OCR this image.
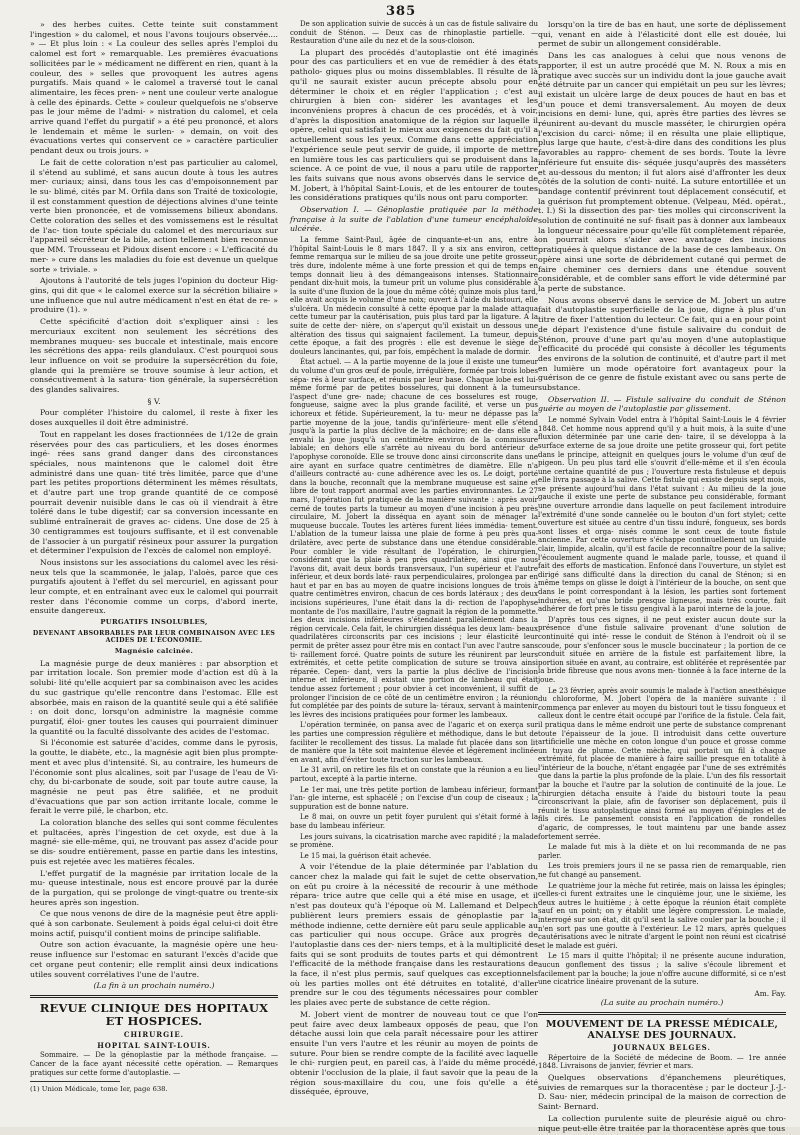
385

» des herbes cuites. Cette teinte suit constamment l'ingestion » du calomel, et nous l'avons toujours observée.... » — Et plus loin : « La couleur des selles après l'emploi du calomel est fort » remarquable. Les premières évacuations sollicitées par le » médicament ne diffèrent en rien, quant à la couleur, des » selles que provoquent les autres agens purgatifs. Mais quand » le calomel a traversé tout le canal alimentaire, les fèces pren- » nent une couleur verte analogue à celle des épinards. Cette » couleur quelquefois ne s'observe pas le jour même de l'admi- » nistration du calomel, et cela arrive quand l'effet du purgatif » a été peu prononcé, et alors le lendemain et même le surlen- » demain, on voit des évacuations vertes qui conservent ce » caractère particulier pendant deux ou trois jours. »

Le fait de cette coloration n'est pas particulier au calomel, il s'étend au sublimé, et sans aucun doute à tous les autres mer- curiaux; ainsi, dans tous les cas d'empoisonnement par le su- blimé, cités par M. Orfila dans son Traité de toxicologie, il est constamment question de déjections alvines d'une teinte verte bien prononcée, et de vomissemens bilieux abondans. Cette coloration des selles et des vomissemens est le résultat de l'ac- tion toute spéciale du calomel et des mercuriaux sur l'appareil sécréteur de la bile, action tellement bien reconnue que MM. Trousseau et Pidoux disent encore : « L'efficacité du mer- » cure dans les maladies du foie est devenue un quelque sorte » triviale. »

Ajoutons à l'autorité de tels juges l'opinion du docteur Hig- gins, qui dit que « le calomel exerce sur la sécrétion biliaire » une influence que nul autre médicament n'est en état de re- » produire (1). »

Cette spécificité d'action doit s'expliquer ainsi : les mercuriaux excitent non seulement les sécrétions des membranes muqueu- ses buccale et intestinale, mais encore les sécrétions des appa- reils glandulaux. C'est pourquoi sous leur influence on voit se produire la supersécrétion du foie, glande qui la première se trouve soumise à leur action, et consécutivement à la satura- tion générale, la supersécrétion des glandes salivaires.

§ V.

Pour compléter l'histoire du calomel, il reste à fixer les doses auxquelles il doit être administré.

Tout en rappelant les doses fractionnées de 1/12e de grain réservées pour des cas particuliers, et les doses énormes ingé- rées sans grand danger dans des circonstances spéciales, nous maintenons que le calomel doit être administré dans une quan- tité très limitée, parce que d'une part les petites proportions déterminent les mêmes résultats, et d'autre part une trop grande quantité de ce composé pourrait devenir nuisible dans le cas où il viendrait à être toléré dans le tube digestif; car sa conversion incessante en sublimé entraînerait de graves ac- cidens. Une dose de 25 à 30 centigrammes est toujours suffisante, et il est convenable de l'associer à un purgatif résineux pour assurer la purgation et déterminer l'expulsion de l'excès de calomel non employé.

Nous insistons sur les associations du calomel avec les rési- neux tels que la scammonée, le jalap, l'aloès, parce que ces purgatifs ajoutent à l'effet du sel mercuriel, en agissant pour leur compte, et en entraînant avec eux le calomel qui pourrait rester dans l'économie comme un corps, d'abord inerte, ensuite dangereux.

PURGATIFS INSOLUBLES,

DEVENANT ABSORBABLES PAR LEUR COMBINAISON AVEC LES ACIDES DE L'ÉCONOMIE.

Magnésie calcinée.

La magnésie purge de deux manières : par absorption et par irritation locale. Son premier mode d'action est dû à la solubi- lité qu'elle acquiert par sa combinaison avec les acides du suc gastrique qu'elle rencontre dans l'estomac. Elle est absorbée, mais en raison de la quantité seule qui a été salifiée : on doit donc, lorsqu'on administre la magnésie comme purgatif, éloi- gner toutes les causes qui pourraient diminuer la quantité ou la faculté dissolvante des acides de l'estomac.

Si l'économie est saturée d'acides, comme dans le pyrosis, la goutte, le diabète, etc., la magnésie agit bien plus prompte- ment et avec plus d'intensité. Si, au contraire, les humeurs de l'économie sont plus alcalines, soit par l'usage de l'eau de Vi- chy, du bi-carbonate de soude, soit par toute autre cause, la magnésie ne peut pas être salifiée, et ne produit d'évacuations que par son action irritante locale, comme le ferait le verre pilé, le charbon, etc.

La coloration blanche des selles qui sont comme féculentes et pultacées, après l'ingestion de cet oxyde, est due à la magné- sie elle-même, qui, ne trouvant pas assez d'acide pour se dis- soudre entièrement, passe en partie dans les intestins, puis est rejetée avec les matières fécales.

L'effet purgatif de la magnésie par irritation locale de la mu- queuse intestinale, nous est encore prouvé par la durée de la purgation, qui se prolonge de vingt-quatre ou trente-six heures après son ingestion.

Ce que nous venons de dire de la magnésie peut être appli- qué à son carbonate. Seulement à poids égal celui-ci doit être moins actif, puisqu'il contient moins de principe salifiable.

Outre son action évacuante, la magnésie opère une heu- reuse influence sur l'estomac en saturant l'excès d'acide que cet organe peut contenir; elle remplit ainsi deux indications utiles souvent corrélatives l'une de l'autre.

(La fin à un prochain numéro.)

REVUE CLINIQUE DES HOPITAUX ET HOSPICES.
CHIRURGIE.
HOPITAL SAINT-LOUIS.

Sommaire. — De la génoplastie par la méthode française. — Cancer de la face ayant nécessité cette opération. — Remarques pratiques sur cette forme d'autoplastie. —

(1) Union Médicale, tome Ier, page 638.

De son application suivie de succès à un cas de fistule salivaire du conduit de Sténon. — Deux cas de rhinoplastie partielle. — Restauration d'une aile du nez et de la sous-cloison.

La plupart des procédés d'autoplastie ont été imaginés pour des cas particuliers et en vue de remédier à des états patholo- giques plus ou moins dissemblables. Il résulte de là qu'il ne saurait exister aucun précepte absolu pour en déterminer le choix et en régler l'application ; c'est au chirurgien à bien con- sidérer les avantages et les inconvéniens propres à chacun de ces procédés, et à voir, d'après la disposition anatomique de la région sur laquelle il opère, celui qui satisfait le mieux aux exigences du fait qu'il a actuellement sous les yeux. Comme dans cette appréciation l'expérience seule peut servir de guide, il importe de mettre en lumière tous les cas particuliers qui se produisent dans la science. A ce point de vue, il nous a paru utile de rapporter les faits suivans que nous avons observés dans le service de M. Jobert, à l'hôpital Saint-Louis, et de les entourer de toutes les considérations pratiques qu'ils nous ont paru comporter.

Observation I. — Génoplastie pratiquée par la méthode française à la suite de l'ablation d'une tumeur encéphaloïde ulcérée.

La femme Saint-Paul, âgée de cinquante-et-un ans, entre à l'hôpital Saint-Louis le 8 mars 1847. Il y a six ans environ, cette femme remarqua sur le milieu de sa joue droite une petite grosseur, très dure, indolente même à une forte pression et qui de temps en temps donnait lieu à des démangeaisons intenses. Stationnaire pendant dix-huit mois, la tumeur prit un volume plus considérable à la suite d'une fluxion de la joue du même côté; quinze mois plus tard, elle avait acquis le volume d'une noix; ouvert à l'aide du bistouri, elle s'ulcéra. Un médecin consulté à cette époque par la malade attaqua cette tumeur par la cautérisation, puis plus tard par la ligature. A la suite de cette der- nière, on s'aperçut qu'il existait un dessous une altération des tissus qui saignaient facilement. La tumeur, depuis cette époque, a fait des progrès : elle est devenue le siège de douleurs lancinantes, qui, par fois, empêchent la malade de dormir.

État actuel. — A la partie moyenne de la joue il existe une tumeur du volume d'un gros œuf de poule, irrégulière, formée par trois lobes sépa- rés à leur surface, et réunis par leur base. Chaque lobe est lui-même formé par de petites bosselures, qui donnent à la tumeur l'aspect d'une gre- nade; chacune de ces bosselures est rouge, fongueuse, saigne avec la plus grande facilité, et verse un pus ichoreux et fétide. Supérieurement, la tu- meur ne dépasse pas la partie moyenne de la joue, tandis qu'inférieure- ment elle s'étend jusqu'à la partie la plus déclive de la mâchoire; en de- dans elle a envahi la joue jusqu'à un centimètre environ de la commissure labiale; en dehors elle s'arrête au niveau du bord antérieur de l'apophyse coronoïde. Elle se trouve donc ainsi circonscrite dans une aire ayant en surface quatre centimètres de diamètre. Elle n'a d'ailleurs contracté au- cune adhérence avec les os. Le doigt, porté dans la bouche, reconnaît que la membrane muqueuse est saine et libre de tout rapport anormal avec les parties environnantes. Le 27 mars, l'opération fut pratiquée de la manière suivante : après avoir cerné de toutes parts la tumeur au moyen d'une incision à peu près circulaire, M. Jobert la disséqua en ayant soin de ménager la muqueuse buccale. Toutes les artères furent liées immédia- tement. L'ablation de la tumeur laissa une plaie de forme à peu près qua- drilatère, avec perte de substance dans une étendue considérable. Pour combler le vide résultant de l'opération, le chirurgien, considérant que la plaie à peu près quadrilatère, ainsi que nous l'avons dit, avait deux bords transversaux, l'un supérieur et l'autre inférieur, et deux bords laté- raux perpendiculaires, prolongea par en haut et par en bas au moyen de quatre incisions longues de trois à quatre centimètres environ, chacun de ces bords latéraux ; des deux incisions supérieures, l'une était dans la di- rection de l'apophyse montante de l'os maxillaire, l'autre gagnait la région de la pommette. Les deux incisions inférieures s'étendaient parallèlement dans la région cervicale. Cela fait, le chirurgien disséqua les deux lam- beaux quadrilatères circonscrits par ces incisions ; leur élasticité leur permit de prêter assez pour être mis en contact l'un avec l'autre sans ti- raillement forcé. Quatre points de suture les réunirent par leurs extrémités, et cette petite complication de suture se trouva ainsi réparée. Cepen- dant, vers la partie la plus déclive de l'incision interne et inférieure, il existait une portion de lambeau qui était tendue assez fortement ; pour obvier à cet inconvénient, il suffit de prolonger l'incision de ce côté de un centimètre environ ; la réunion fut complétée par des points de suture la- téraux, servant à maintenir les lèvres des incisions pratiquées pour former les lambeaux.

L'opération terminée, on pansa avec de l'agaric et on exerça sur les parties une compression régulière et méthodique, dans le but de faciliter le recollement des tissus. La malade fut placée dans son lit de manière que la tête soit maintenue élevée et légèrement inclinée en avant, afin d'éviter toute traction sur les lambeaux.

Le 31 avril, on retire les fils et on constate que la réunion a eu lieu partout, excepté à la partie interne.

Le 1er mai, une très petite portion de lambeau inférieur, formant l'an- gle interne, est sphacélé ; on l'excise d'un coup de ciseaux ; la suppuration est de bonne nature.

Le 8 mai, on ouvre un petit foyer purulent qui s'était formé à la base du lambeau inférieur.

Les jours suivans, la cicatrisation marche avec rapidité ; la malade se promène.

Le 15 mai, la guérison était achevée.

A voir l'étendue de la plaie déterminée par l'ablation du cancer chez la malade qui fait le sujet de cette observation, on eût pu croire à la nécessité de recourir à une méthode répara- trice autre que celle qui a été mise en usage, et il n'est pas douteux qu'à l'époque où M. Lallemand et Delpech publièrent leurs premiers essais de génoplastie par la méthode indienne, cette dernière eût paru seule applicable au cas particulier qui nous occupe. Grâce aux progrès de l'autoplastie dans ces der- niers temps, et à la multiplicité des faits qui se sont produits de toutes parts et qui démontrent l'efficacité de la méthode française dans les restaurations de la face, il n'est plus permis, sauf quelques cas exceptionnels où les parties molles ont été détruites en totalité, d'aller prendre sur le cou des téguments nécessaires pour combler les plaies avec perte de substance de cette région.

M. Jobert vient de montrer de nouveau tout ce que l'on peut faire avec deux lambeaux opposés de peau, que l'on détache aussi loin que cela paraît nécessaire pour les attirer ensuite l'un vers l'autre et les réunir au moyen de points de suture. Pour bien se rendre compte de la facilité avec laquelle le chi- rurgien peut, en pareil cas, à l'aide du même procédé, obtenir l'occlusion de la plaie, il faut savoir que la peau de la région sous-maxillaire du cou, une fois qu'elle a été disséquée, éprouve,

lorsqu'on la tire de bas en haut, une sorte de déplissement qui, venant en aide à l'élasticité dont elle est douée, lui permet de subir un allongement considérable.

Dans les cas analogues à celui que nous venons de rapporter, il est un autre procédé que M. N. Roux a mis en pratique avec succès sur un individu dont la joue gauche avait été détruite par un cancer qui empiétait un peu sur les lèvres; il existait un ulcère large de deux pouces de haut en bas et d'un pouce et demi transversalement. Au moyen de deux incisions en demi- lune, qui, après être parties des lèvres se réunirent au-devant du muscle masséter, le chirurgien opéra l'excision du carci- nôme; il en résulta une plaie elliptique, plus large que haute, c'est-à-dire dans des conditions les plus favorables au rappro- chement de ses bords. Toute la lèvre inférieure fut ensuite dis- séquée jusqu'auprès des masséters et au-dessous du menton; il fut alors aisé d'affronter les deux côtés de la solution de conti- nuité. La suture entortillée et un bandage contentif prévinrent tout déplacement consécutif, et la guérison fut promptement obtenue. (Velpeau, Méd. opérat., t. I.) Si la dissection des par- ties molles qui circonscrivent la solution de continuité ne suf- fisait pas à donner aux lambeaux la longueur nécessaire pour qu'elle fût complètement réparée, on pourrait alors s'aider avec avantage des incisions pratiquées à quelque distance de la base de ces lambeaux. On opère ainsi une sorte de débridement cutané qui permet de faire cheminer ces derniers dans une étendue souvent considérable, et de combler sans effort le vide déterminé par la perte de substance.

Nous avons observé dans le service de M. Jobert un autre fait d'autoplastie superficielle de la joue, digne à plus d'un titre de fixer l'attention du lecteur. Ce fait, qui a en pour point de départ l'existence d'une fistule salivaire du conduit de Sténon, prouve d'une part qu'au moyen d'une autoplastique l'efficacité du procédé qui consiste à décoller les téguments des environs de la solution de continuité, et d'autre part il met en lumière un mode opératoire fort avantageux pour la guérison de ce genre de fistule existant avec ou sans perte de substance.

Observation II. — Fistule salivaire du conduit de Sténon guérie au moyen de l'autoplastie par glissement.

Le nommé Sylvain Vodel entra à l'hôpital Saint-Louis le 4 février 1848. Cet homme nous apprend qu'il y a huit mois, à la suite d'une fluxion déterminée par une carie den- taire, il se développa à la surface externe de sa joue droite une petite grosseur qui, fort petite dans le principe, atteignit en quelques jours le volume d'un œuf de pigeon. Un peu plus tard elle s'ouvrit d'elle-même et il s'en écoula une certaine quantité de pus ; l'ouverture resta fistuleuse et depuis elle livra passage à la salive. Cette fistule qui existe depuis sept mois, se présente aujourd'hui dans l'état suivant : Au milieu de la joue gauche il existe une perte de substance peu considérable, formant une ouverture arrondie dans laquelle on peut facilement introduire l'extrémité d'une sonde cannelée ou le bouton d'un fort stylet; cette ouverture est située au centre d'un tissu induré, fongueux, ses bords sont lisses et orga- nisés comme le sont ceux de toute fistule ancienne. Par cette ouverture s'échappe continuellement un liquide clair, limpide, alcalin, qu'il est facile de reconnaître pour de la salive; l'écoulement augmente quand le malade parle, tousse, et quand il fait des efforts de mastication. Enfoncé dans l'ouverture, un stylet est dirigé sans difficulté dans la direction du canal de Sténon; si en même temps on glisse le doigt à l'intérieur de la bouche, on sent que dans le point correspondant à la lésion, les parties sont fortement indurées, et qu'une bride presque ligneuse, mais très courte, fait adhérer de fort près le tissu gengival à la paroi interne de la joue.

D'après tous ces signes, il ne peut exister aucun doute sur la présence d'une fistule salivaire provenant d'une solution de continuité qui inté- resse le conduit de Sténon à l'endroit où il se coude, pour s'enfoncer sous le muscle buccinateur ; la portion de ce conduit située en arrière de la fistule est parfaitement libre, la portion située en avant, au contraire, est oblitérée et représentée par la bride fibreuse que nous avons men- tionnée à la face interne de la joue.

Le 23 février, après avoir soumis le malade à l'action anesthésique du chloroforme, M. Jobert l'opéra de la manière suivante : il commença par enlever au moyen du bistouri tout le tissu fongueux et calleux dont le centre était occupé par l'orifice de la fistule. Cela fait, il pratiqua dans le même endroit une perte de substance comprenant toute l'épaisseur de la joue. Il introduisit dans cette ouverture artificielle une mèche en coton longue d'un pouce et grosse comme un tuyau de plume. Cette mèche, qui portait un fil à chaque extrémité, fut placée de manière à faire saillie presque en totalité à l'intérieur de la bouche, n'étant engagée par l'une de ses extrémités que dans la partie la plus profonde de la plaie. L'un des fils ressortait par la bouche et l'autre par la solution de continuité de la joue. Le chirurgien détacha ensuite à l'aide du bistouri toute la peau circonscrivant la plaie, afin de favoriser son déplacement, puis il réunit le tissu autoplastique ainsi formé au moyen d'épingles et de fils cirés. Le pansement consista en l'application de rondelles d'agaric, de compresses, le tout maintenu par une bande assez fortement serrée.

Le malade fut mis à la diète et on lui recommanda de ne pas parler.

Les trois premiers jours il ne se passa rien de remarquable, rien ne fut changé au pansement.

Le quatrième jour la mèche fut retirée, mais on laissa les épingles; celles-ci furent extraites une le cinquième jour, une le sixième, les deux autres le huitième ; à cette époque la réunion était complète sauf en un point; on y établit une légère compression. Le malade, interrogé sur son état, dit qu'il sent la salive couler par la bouche ; il n'en sort pas une goutte à l'extérieur. Le 12 mars, après quelques cautérisations avec le nitrate d'argent le point non réuni est cicatrisé et le malade est guéri.

Le 15 mars il quitte l'hôpital; il ne présente aucune induration, aucun gonflement des tissus ; la salive s'écoule librement et facilement par la bouche; la joue n'offre aucune difformité, si ce n'est une cicatrice linéaire provenant de la suture.

Am. Fay.

(La suite au prochain numéro.)

MOUVEMENT DE LA PRESSE MÉDICALE, ANALYSE DES JOURNAUX.
JOURNAUX BELGES.

Répertoire de la Société de médecine de Boom. — 1re année 1848. Livraisons de janvier, février et mars.

Quelques observations d'épanchemens pleurétiques, suivies de remarques sur la thoracentèse ; par le docteur J.-J.-D. Sau- nier, médecin principal de la maison de correction de Saint- Bernard.

La collection purulente suite de pleurésie aiguë ou chro- nique peut-elle être traitée par la thoracentèse après que tous
